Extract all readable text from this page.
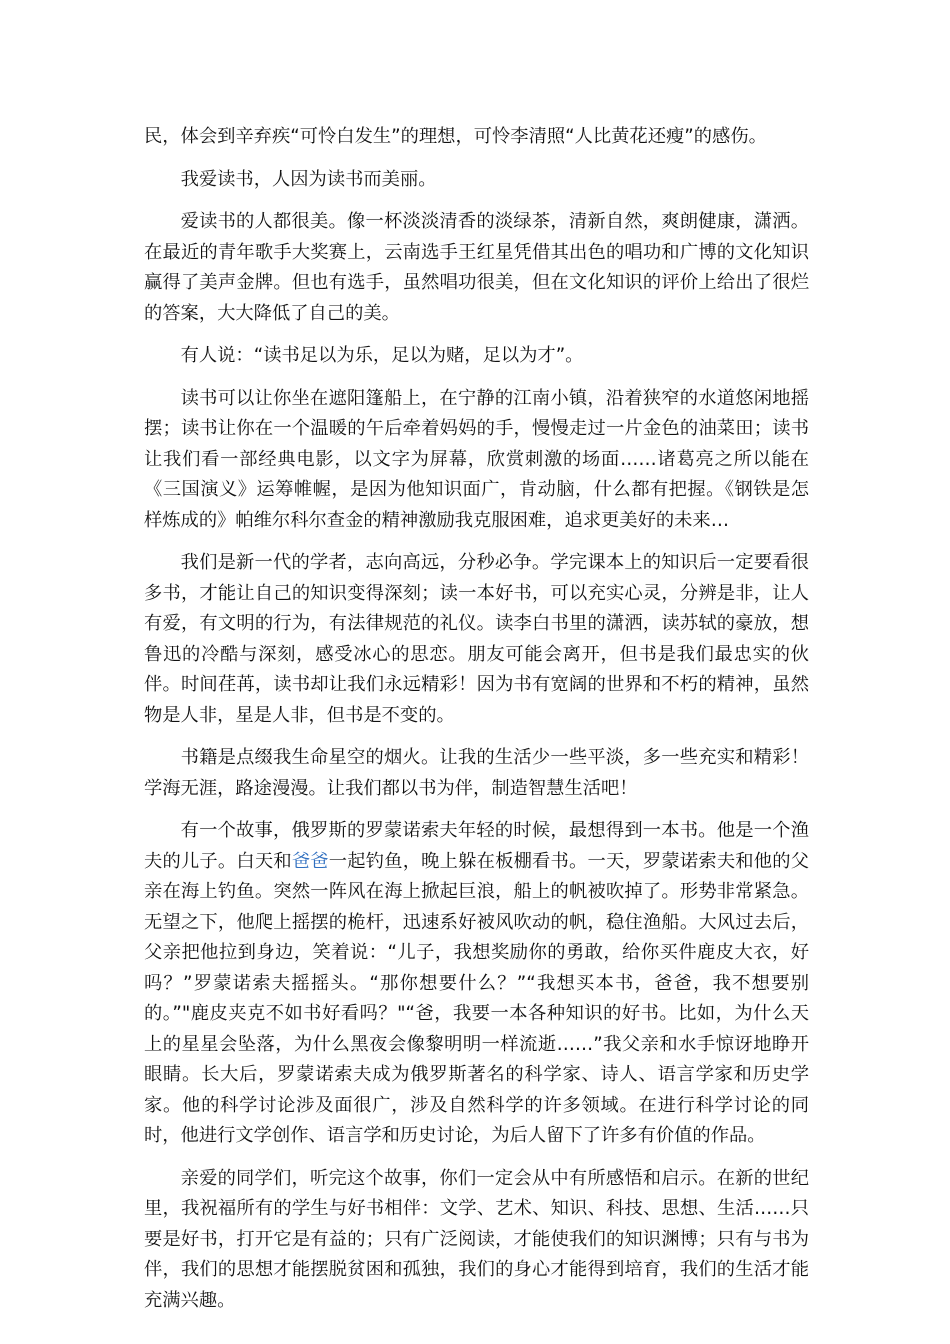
民，体会到辛弃疾“可怜白发生”的理想，可怜李清照“人比黄花还瘦”的感伤。

我爱读书，人因为读书而美丽。

爱读书的人都很美。像一杯淡淡清香的淡绿茶，清新自然，爽朗健康，潇洒。在最近的青年歌手大奖赛上，云南选手王红星凭借其出色的唱功和广博的文化知识赢得了美声金牌。但也有选手，虽然唱功很美，但在文化知识的评价上给出了很烂的答案，大大降低了自己的美。

有人说：“读书足以为乐，足以为赌，足以为才”。

读书可以让你坐在遮阳篷船上，在宁静的江南小镇，沿着狭窄的水道悠闲地摇摆；读书让你在一个温暖的午后牵着妈妈的手，慢慢走过一片金色的油菜田；读书让我们看一部经典电影，以文字为屏幕，欣赏刺激的场面……诸葛亮之所以能在《三国演义》运筹帷幄，是因为他知识面广，肯动脑，什么都有把握。《钢铁是怎样炼成的》帕维尔科尔查金的精神激励我克服困难，追求更美好的未来…

我们是新一代的学者，志向高远，分秒必争。学完课本上的知识后一定要看很多书，才能让自己的知识变得深刻；读一本好书，可以充实心灵，分辨是非，让人有爱，有文明的行为，有法律规范的礼仪。读李白书里的潇洒，读苏轼的豪放，想鲁迅的冷酷与深刻，感受冰心的思恋。朋友可能会离开，但书是我们最忠实的伙伴。时间荏苒，读书却让我们永远精彩！因为书有宽阔的世界和不朽的精神，虽然物是人非，星是人非，但书是不变的。

书籍是点缀我生命星空的烟火。让我的生活少一些平淡，多一些充实和精彩！学海无涯，路途漫漫。让我们都以书为伴，制造智慧生活吧！

有一个故事，俄罗斯的罗蒙诺索夫年轻的时候，最想得到一本书。他是一个渔夫的儿子。白天和爸爸一起钓鱼，晚上躲在板棚看书。一天，罗蒙诺索夫和他的父亲在海上钓鱼。突然一阵风在海上掀起巨浪，船上的帆被吹掉了。形势非常紧急。无望之下，他爬上摇摆的桅杆，迅速系好被风吹动的帆，稳住渔船。大风过去后，父亲把他拉到身边，笑着说：“儿子，我想奖励你的勇敢，给你买件鹿皮大衣，好吗？”罗蒙诺索夫摇摇头。“那你想要什么？”“我想买本书，爸爸，我不想要别的。”"鹿皮夹克不如书好看吗？"“爸，我要一本各种知识的好书。比如，为什么天上的星星会坠落，为什么黑夜会像黎明明一样流逝……”我父亲和水手惊讶地睁开眼睛。长大后，罗蒙诺索夫成为俄罗斯著名的科学家、诗人、语言学家和历史学家。他的科学讨论涉及面很广，涉及自然科学的许多领域。在进行科学讨论的同时，他进行文学创作、语言学和历史讨论，为后人留下了许多有价值的作品。

亲爱的同学们，听完这个故事，你们一定会从中有所感悟和启示。在新的世纪里，我祝福所有的学生与好书相伴：文学、艺术、知识、科技、思想、生活……只要是好书，打开它是有益的；只有广泛阅读，才能使我们的知识渊博；只有与书为伴，我们的思想才能摆脱贫困和孤独，我们的身心才能得到培育，我们的生活才能充满兴趣。
